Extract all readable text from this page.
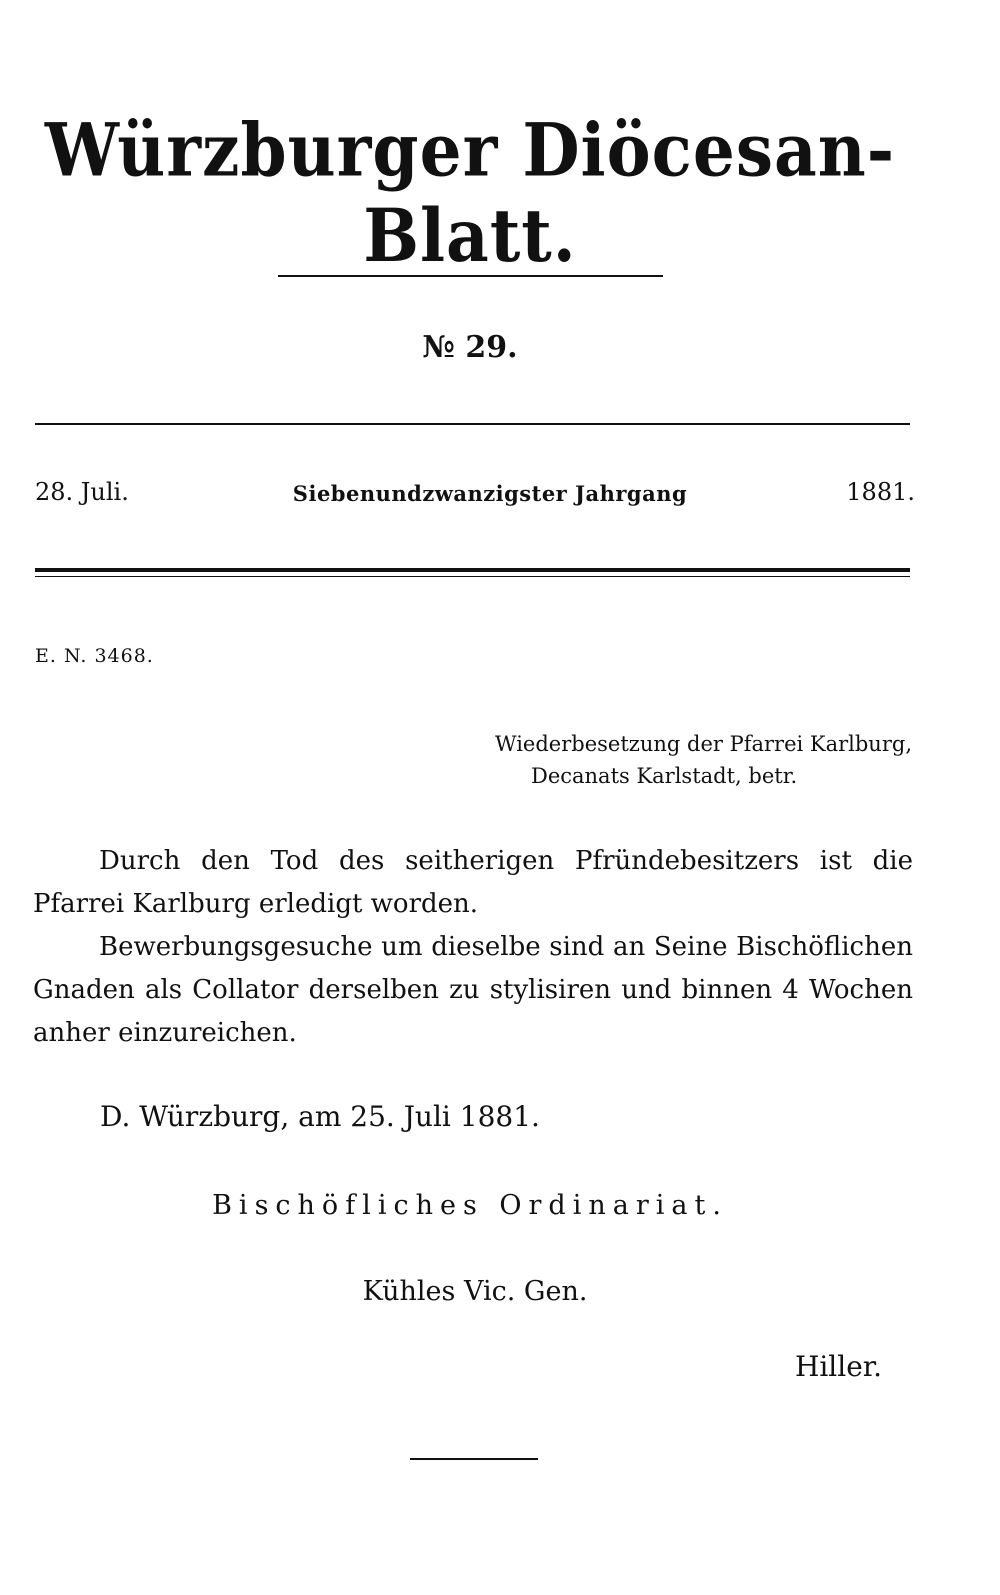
Würzburger Diöcesan-Blatt.
№ 29.
28. Juli.	Siebenundzwanzigster Jahrgang	1881.
E. N. 3468.
Wiederbesetzung der Pfarrei Karlburg,
Decanats Karlstadt, betr.

Durch den Tod des seitherigen Pfründebesitzers ist die Pfarrei Karlburg erledigt worden.

Bewerbungsgesuche um dieselbe sind an Seine Bischöflichen Gnaden als Collator derselben zu stylisiren und binnen 4 Wochen anher einzureichen.

D. Würzburg, am 25. Juli 1881.
Bischöfliches Ordinariat.
Kühles Vic. Gen.
Hiller.
